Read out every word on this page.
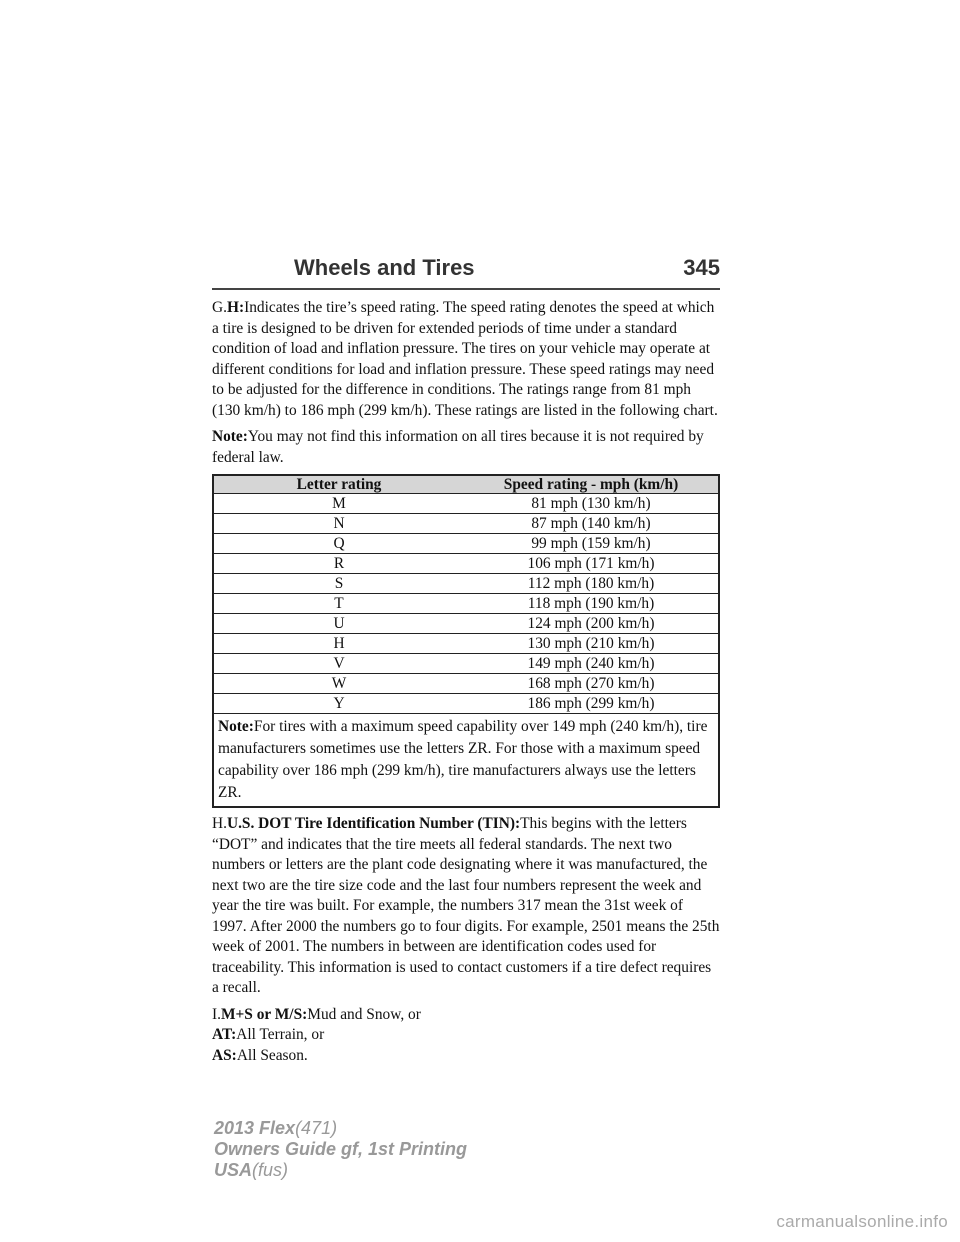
Wheels and Tires	345

G.H:Indicates the tire’s speed rating. The speed rating denotes the speed at which a tire is designed to be driven for extended periods of time under a standard condition of load and inflation pressure. The tires on your vehicle may operate at different conditions for load and inflation pressure. These speed ratings may need to be adjusted for the difference in conditions. The ratings range from 81 mph (130 km/h) to 186 mph (299 km/h). These ratings are listed in the following chart.

Note:You may not find this information on all tires because it is not required by federal law.

Letter rating	Speed rating - mph (km/h)
M	81 mph (130 km/h)
N	87 mph (140 km/h)
Q	99 mph (159 km/h)
R	106 mph (171 km/h)
S	112 mph (180 km/h)
T	118 mph (190 km/h)
U	124 mph (200 km/h)
H	130 mph (210 km/h)
V	149 mph (240 km/h)
W	168 mph (270 km/h)
Y	186 mph (299 km/h)
Note:For tires with a maximum speed capability over 149 mph (240 km/h), tire manufacturers sometimes use the letters ZR. For those with a maximum speed capability over 186 mph (299 km/h), tire manufacturers always use the letters ZR.	

H.U.S. DOT Tire Identification Number (TIN):This begins with the letters “DOT” and indicates that the tire meets all federal standards. The next two numbers or letters are the plant code designating where it was manufactured, the next two are the tire size code and the last four numbers represent the week and year the tire was built. For example, the numbers 317 mean the 31st week of 1997. After 2000 the numbers go to four digits. For example, 2501 means the 25th week of 2001. The numbers in between are identification codes used for traceability. This information is used to contact customers if a tire defect requires a recall.

I.M+S or M/S:Mud and Snow, or

AT:All Terrain, or

AS:All Season.

2013 Flex(471)
Owners Guide gf, 1st Printing
USA(fus)
carmanualsonline.info
